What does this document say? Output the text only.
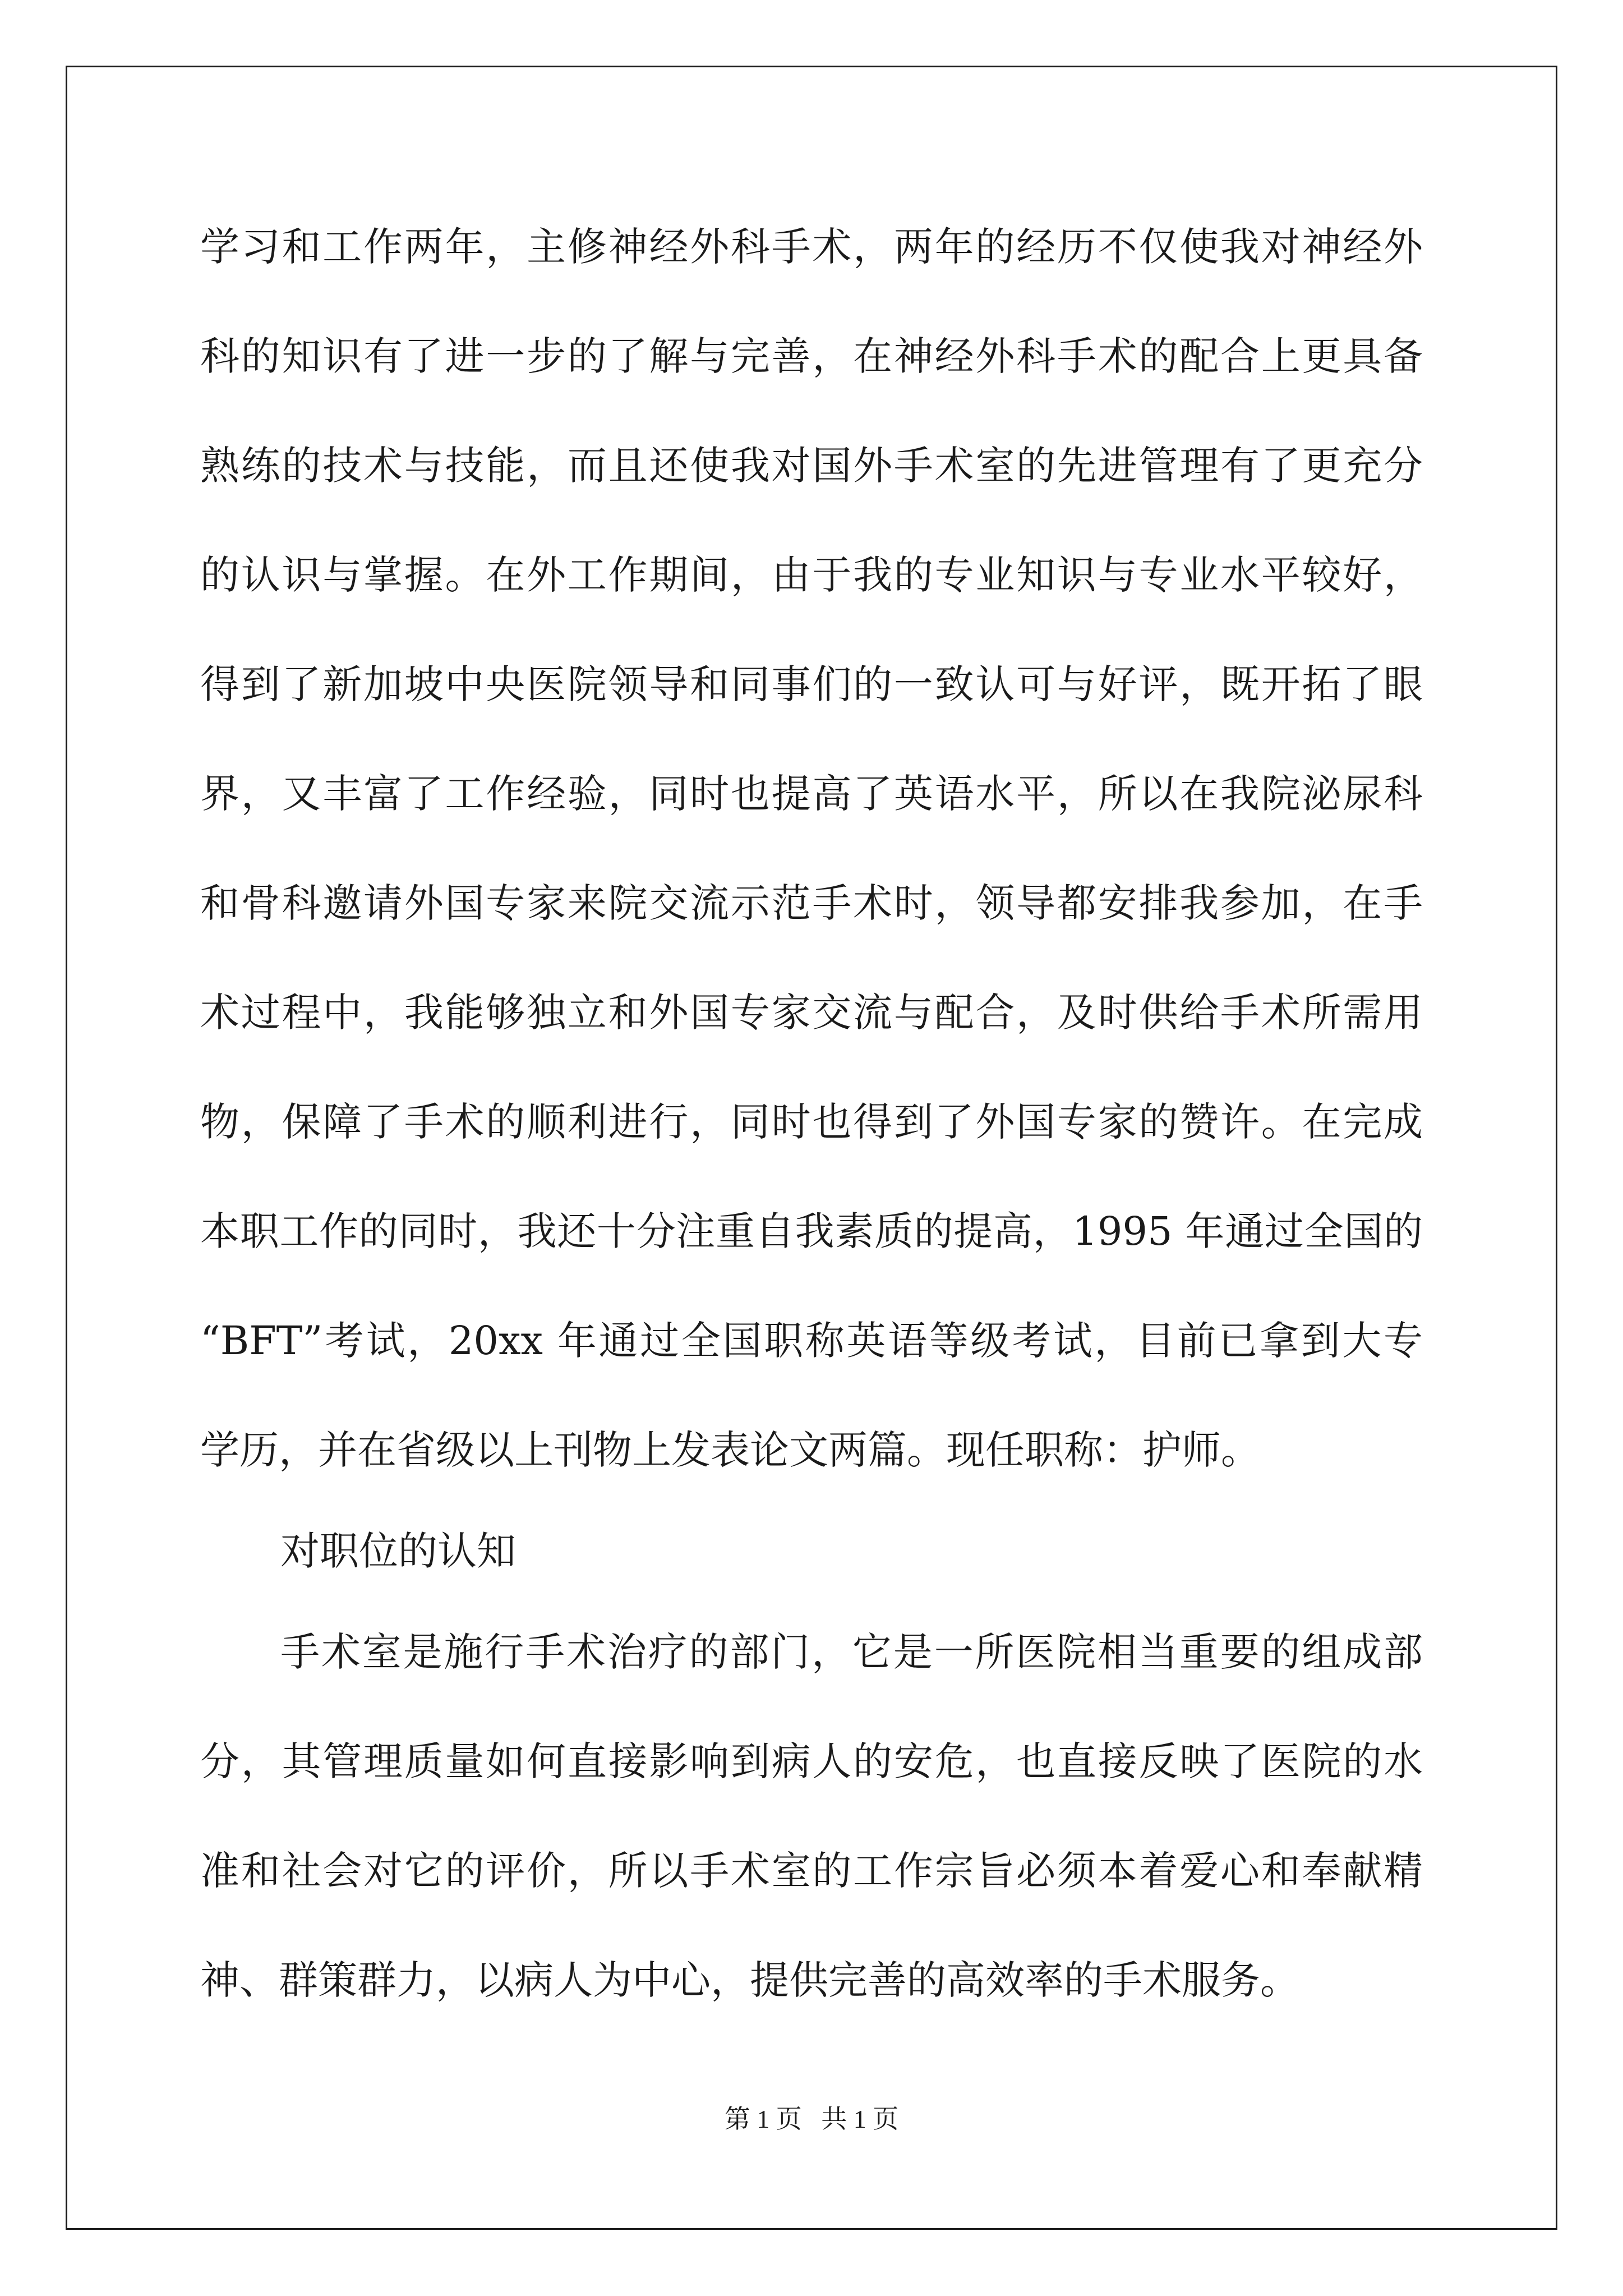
学习和工作两年，主修神经外科手术，两年的经历不仅使我对神经外
科的知识有了进一步的了解与完善，在神经外科手术的配合上更具备
熟练的技术与技能，而且还使我对国外手术室的先进管理有了更充分
的认识与掌握。在外工作期间，由于我的专业知识与专业水平较好，
得到了新加坡中央医院领导和同事们的一致认可与好评，既开拓了眼
界，又丰富了工作经验，同时也提高了英语水平，所以在我院泌尿科
和骨科邀请外国专家来院交流示范手术时，领导都安排我参加，在手
术过程中，我能够独立和外国专家交流与配合，及时供给手术所需用
物，保障了手术的顺利进行，同时也得到了外国专家的赞许。在完成
本职工作的同时，我还十分注重自我素质的提高，1995 年通过全国的
“BFT”考试，20xx 年通过全国职称英语等级考试，目前已拿到大专
学历，并在省级以上刊物上发表论文两篇。现任职称：护师。
对职位的认知
手术室是施行手术治疗的部门，它是一所医院相当重要的组成部
分，其管理质量如何直接影响到病人的安危，也直接反映了医院的水
准和社会对它的评价，所以手术室的工作宗旨必须本着爱心和奉献精
神、群策群力，以病人为中心，提供完善的高效率的手术服务。
第 1 页   共 1 页
